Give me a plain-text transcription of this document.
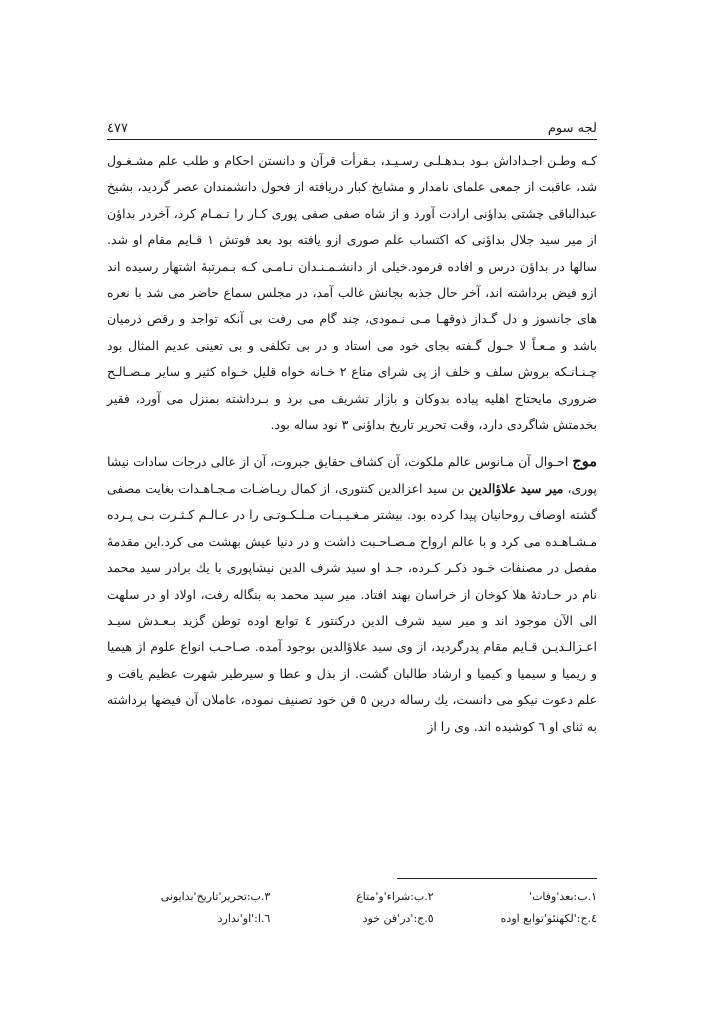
لجه سوم
٤٧٧

كـه وطـن اجـداداش بـود بـدهـلـى رسـيـد، بـقرأت قرآن و دانستن احكام و طلب علم مشـغـول شد، عاقبت از جمعى علماى نامدار و مشايخ كبار دريافته از فحول دانشمندان عصر گرديد، بشيخ عبدالباقى چشتى بداؤنى ارادت آورد و از شاه صفى صفى پورى كـار را تـمـام كرد، آخردر بداؤن از مير سيد جلال بداؤنى كه اكتساب علم صورى ازو يافته بود بعد فوتش ١ قـايم مقام او شد. سالها در بداؤن درس و افاده فرمود.خيلى از دانشـمـنـدان نـامـى كـه بـمرتبهٔ اشتهار رسيده اند ازو فيض برداشته اند، آخر حال جذبه بجانش غالب آمد، در مجلس سماع حاضر مى شد با نعره هاى جانسوز و دل گـداز ذوقهـا مـى نـمودى، چند گام مى رفت بى آنكه تواجد و رقص درميان باشد و مـعـاً لا حـول گـفته بجاى خود مى استاد و در بى تكلفى و بى تعينى عديم المثال بود چـنـانـكه بروش سلف و خلف از پى شراى متاع ٢ خـانه خواه قليل خـواه كثير و ساير مـصـالـح ضرورى مايحتاج اهليه پياده بدوكان و بازار تشريف مى برد و بـرداشته بمنزل مى آورد، فقير بخدمتش شاگردى دارد، وقت تحرير تاريخ بداؤنى ٣ نود ساله بود.

موج احـوال آن مـانوس عالم ملكوت، آن كشاف حقايق جبروت، آن از عالى درجات سادات نيشا پورى، مير سيد علاؤالدين بن سيد اعزالدين كنتورى، از كمال ريـاضـات مـجـاهـدات بغايت مصفى گشته اوصاف روحانيان پيدا كرده بود. بيشتر مـغـيـبـات مـلـكـوتـى را در عـالـم كـثـرت بـى پـرده مـشـاهـده مى كرد و با عالم ارواح مـصـاحـبت داشت و در دنيا عيش بهشت مى كرد.اين مقدمهٔ مفصل در مصنفات خـود ذكـر كـرده، جـد او سيد شرف الدين نيشاپورى با يك برادر سيد محمد نام در حـادثهٔ هلا كوخان از خراسان بهند افتاد. مير سيد محمد به بنگاله رفت، اولاد او در سلهت الى الآن موجود اند و مير سيد شرف الدين دركنتور ٤ توابع اوده توطن گزيد بـعـدش سيـد اعـزالـديـن قـايم مقام پدرگرديد، از وى سيد علاؤالدين بوجود آمده. صـاحـب انواع علوم از هيميا و ريميا و سيميا و كيميا و ارشاد طالبان گشت. از بذل و عطا و سيرطير شهرت عظيم يافت و علم دعوت نيكو مى دانست، يك رساله درين ٥ فن خود تصنيف نموده، عاملان آن فيضها برداشته به ثناى او ٦ كوشيده اند. وى را از

١.ب:بعد'وفات'
٢.ب:شراء'و'متاع
٣.ب:تحرير'تاريخ'بدايونى
٤.ج:'لكهنئو'توابع اوده
٥.ج:'در'فن خود
٦.ا:'او'ندارد
